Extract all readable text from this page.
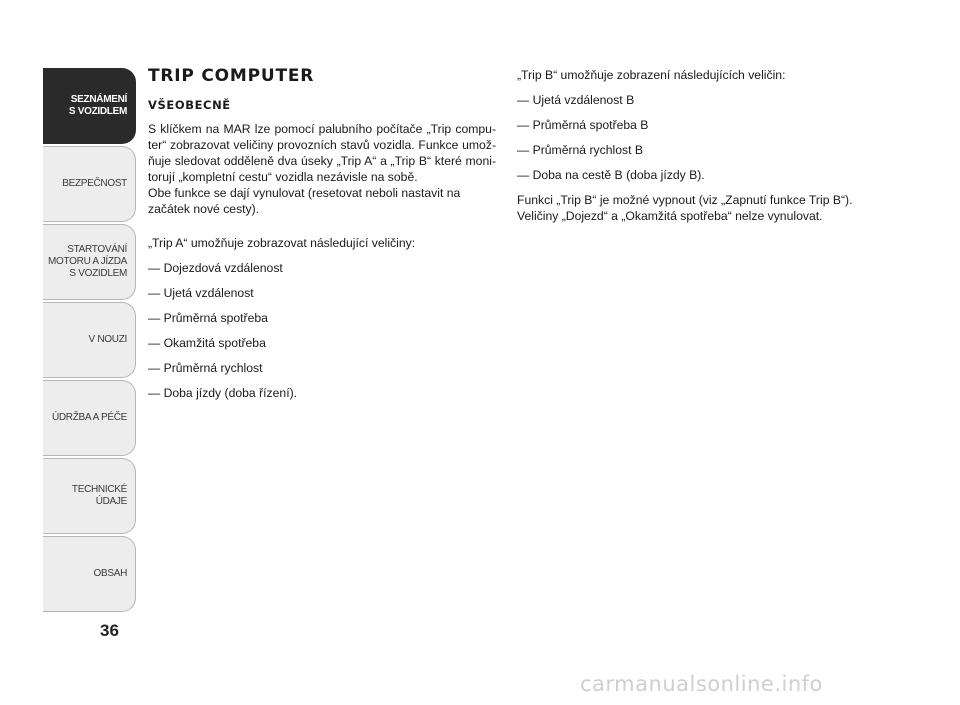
SEZNÁMENÍ
S VOZIDLEM
BEZPEČNOST
STARTOVÁNÍ
MOTORU A JÍZDA
S VOZIDLEM
V NOUZI
ÚDRŽBA A PÉČE
TECHNICKÉ
ÚDAJE
OBSAH
36
TRIP COMPUTER
VŠEOBECNĚ

S klíčkem na MAR lze pomocí palubního počítače „Trip computer“ zobrazovat veličiny provozních stavů vozidla. Funkce umožňuje sledovat odděleně dva úseky „Trip A“ a „Trip B“ které monitorují „kompletní cestu“ vozidla nezávisle na sobě.

Obe funkce se dají vynulovat (resetovat neboli nastavit na začátek nové cesty).

„Trip A“ umožňuje zobrazovat následující veličiny:

— Dojezdová vzdálenost

— Ujetá vzdálenost

— Průměrná spotřeba

— Okamžitá spotřeba

— Průměrná rychlost

— Doba jízdy (doba řízení).

„Trip B“ umožňuje zobrazení následujících veličin:

— Ujetá vzdálenost B

— Průměrná spotřeba B

— Průměrná rychlost B

— Doba na cestě B (doba jízdy B).

Funkci „Trip B“ je možné vypnout (viz „Zapnutí funkce Trip B“).

Veličiny „Dojezd“ a „Okamžitá spotřeba“ nelze vynulovat.

carmanualsonline.info
